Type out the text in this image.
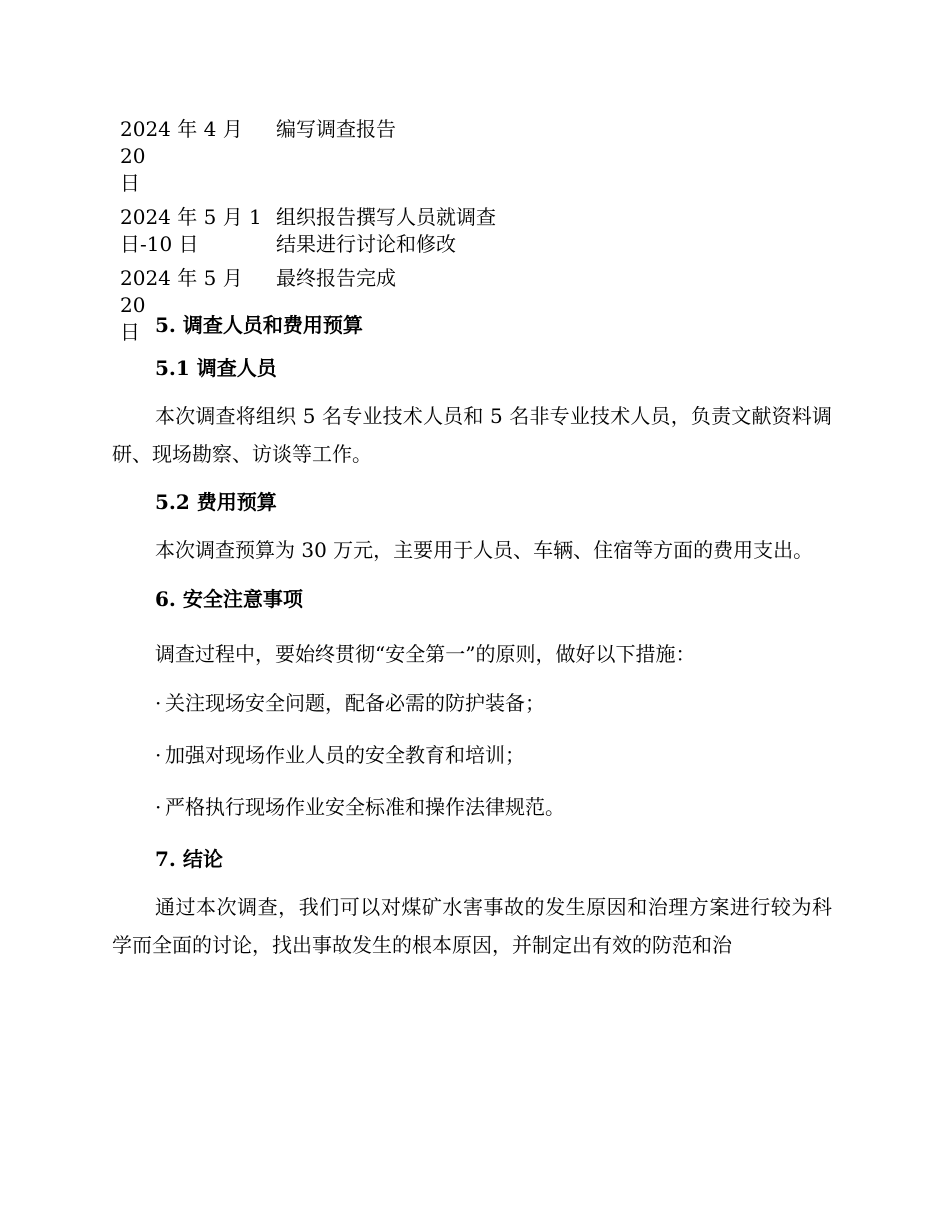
2024 年 4 月 20
日
编写调查报告
2024 年 5 月 1
日-10 日
组织报告撰写人员就调查
结果进行讨论和修改
2024 年 5 月 20
日
最终报告完成
5. 调查人员和费用预算
5.1 调查人员

本次调查将组织 5 名专业技术人员和 5 名非专业技术人员，负责文献资料调研、现场勘察、访谈等工作。

5.2 费用预算

本次调查预算为 30 万元，主要用于人员、车辆、住宿等方面的费用支出。

6. 安全注意事项

调查过程中，要始终贯彻“安全第一”的原则，做好以下措施：

· 关注现场安全问题，配备必需的防护装备；

· 加强对现场作业人员的安全教育和培训；

· 严格执行现场作业安全标准和操作法律规范。

7. 结论

通过本次调查，我们可以对煤矿水害事故的发生原因和治理方案进行较为科学而全面的讨论，找出事故发生的根本原因，并制定出有效的防范和治
